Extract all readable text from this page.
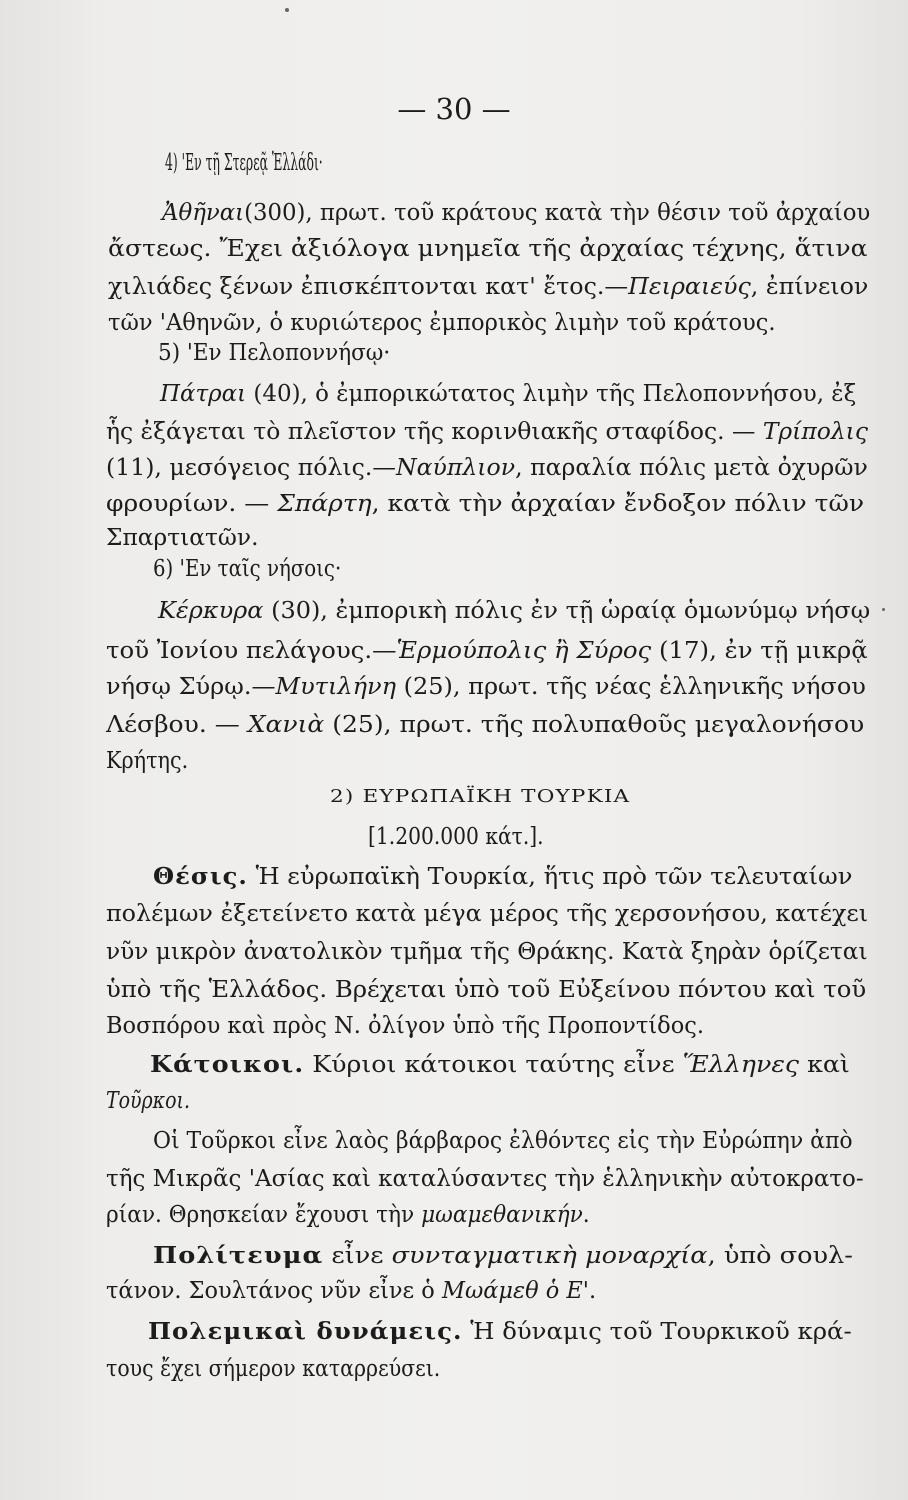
— 30 —
4) 'Εν τῇ Στερεᾷ Ἑλλάδι·
Ἀθῆναι(300), πρωτ. τοῦ κράτους κατὰ τὴν θέσιν τοῦ ἀρχαίου
ἄστεως. Ἔχει ἀξιόλογα μνημεῖα τῆς ἀρχαίας τέχνης, ἅτινα
χιλιάδες ξένων ἐπισκέπτονται κατ' ἔτος.—Πειραιεύς, ἐπίνειον
τῶν 'Αθηνῶν, ὁ κυριώτερος ἐμπορικὸς λιμὴν τοῦ κράτους.
5) 'Εν Πελοποννήσῳ·
Πάτραι (40), ὁ ἐμπορικώτατος λιμὴν τῆς Πελοποννήσου, ἐξ
ἧς ἐξάγεται τὸ πλεῖστον τῆς κορινθιακῆς σταφίδος. — Τρίπολις
(11), μεσόγειος πόλις.—Ναύπλιον, παραλία πόλις μετὰ ὀχυρῶν
φρουρίων. — Σπάρτη, κατὰ τὴν ἀρχαίαν ἔνδοξον πόλιν τῶν
Σπαρτιατῶν.
6) 'Εν ταῖς νήσοις·
Κέρκυρα (30), ἐμπορικὴ πόλις ἐν τῇ ὡραίᾳ ὁμωνύμῳ νήσῳ
τοῦ Ἰονίου πελάγους.—Ἑρμούπολις ἢ Σύρος (17), ἐν τῇ μικρᾷ
νήσῳ Σύρῳ.—Μυτιλήνη (25), πρωτ. τῆς νέας ἑλληνικῆς νήσου
Λέσβου. — Χανιὰ (25), πρωτ. τῆς πολυπαθοῦς μεγαλονήσου
Κρήτης.
2) ΕΥΡΩΠΑΪΚΗ ΤΟΥΡΚΙΑ
[1.200.000 κάτ.].
Θέσις. Ἡ εὐρωπαϊκὴ Τουρκία, ἥτις πρὸ τῶν τελευταίων
πολέμων ἐξετείνετο κατὰ μέγα μέρος τῆς χερσονήσου, κατέχει
νῦν μικρὸν ἀνατολικὸν τμῆμα τῆς Θράκης. Κατὰ ξηρὰν ὁρίζεται
ὑπὸ τῆς Ἑλλάδος. Βρέχεται ὑπὸ τοῦ Εὐξείνου πόντου καὶ τοῦ
Βοσπόρου καὶ πρὸς Ν. ὀλίγον ὑπὸ τῆς Προποντίδος.
Κάτοικοι. Κύριοι κάτοικοι ταύτης εἶνε Ἕλληνες καὶ
Τοῦρκοι.
Οἱ Τοῦρκοι εἶνε λαὸς βάρβαρος ἐλθόντες εἰς τὴν Εὐρώπην ἀπὸ
τῆς Μικρᾶς 'Ασίας καὶ καταλύσαντες τὴν ἑλληνικὴν αὐτοκρατο-
ρίαν. Θρησκείαν ἔχουσι τὴν μωαμεθανικήν.
Πολίτευμα εἶνε συνταγματικὴ μοναρχία, ὑπὸ σουλ-
τάνον. Σουλτάνος νῦν εἶνε ὁ Μωάμεθ ὁ Ε'.
Πολεμικαὶ δυνάμεις. Ἡ δύναμις τοῦ Τουρκικοῦ κρά-
τους ἔχει σήμερον καταρρεύσει.
